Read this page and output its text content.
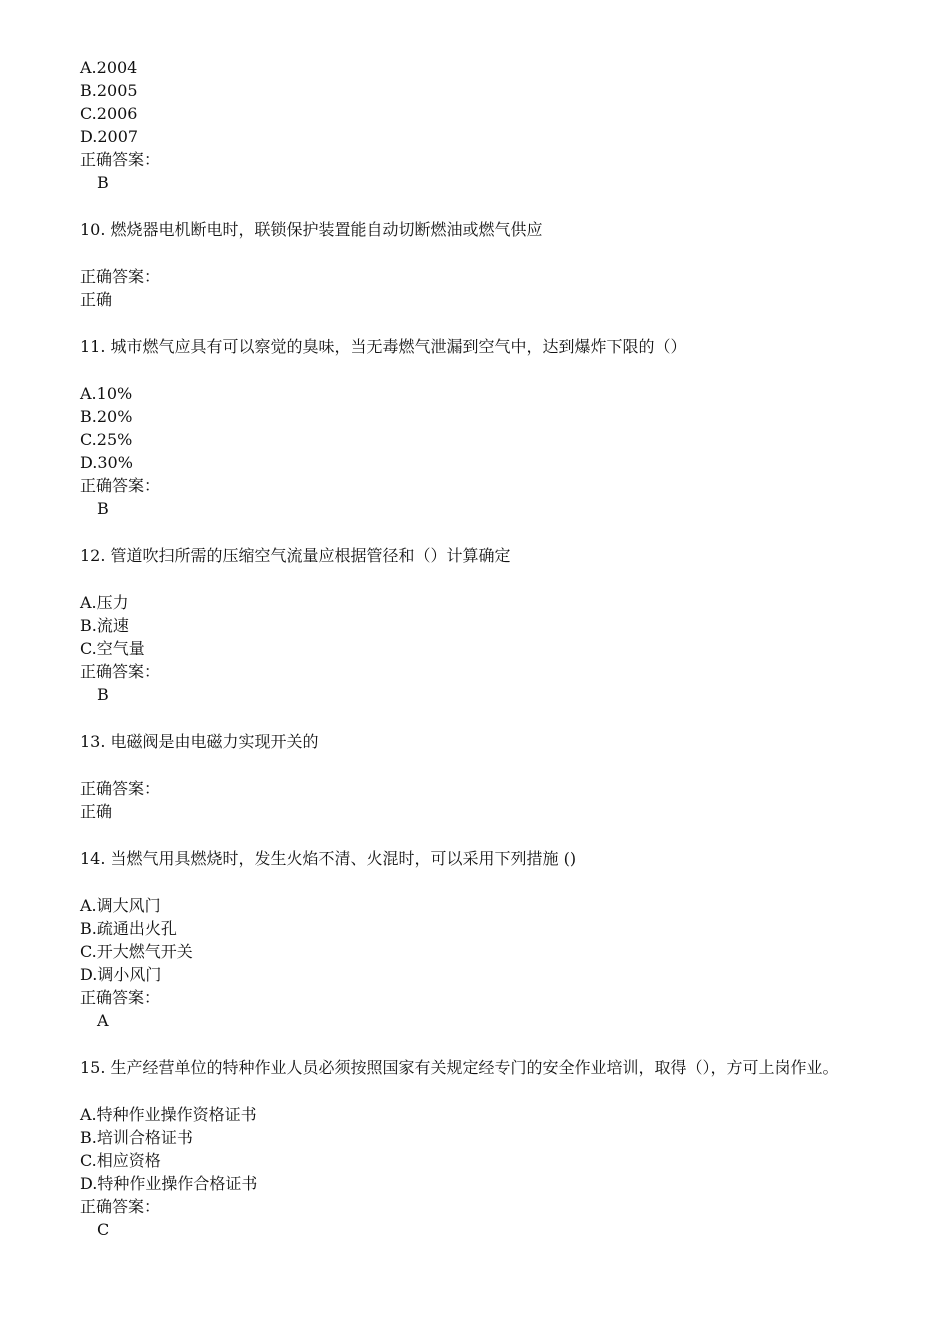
A.2004
B.2005
C.2006
D.2007
正确答案：
B
10. 燃烧器电机断电时，联锁保护装置能自动切断燃油或燃气供应
正确答案：
正确
11. 城市燃气应具有可以察觉的臭味，当无毒燃气泄漏到空气中，达到爆炸下限的（）
A.10%
B.20%
C.25%
D.30%
正确答案：
B
12. 管道吹扫所需的压缩空气流量应根据管径和（）计算确定
A.压力
B.流速
C.空气量
正确答案：
B
13. 电磁阀是由电磁力实现开关的
正确答案：
正确
14. 当燃气用具燃烧时，发生火焰不清、火混时，可以采用下列措施 ()
A.调大风门
B.疏通出火孔
C.开大燃气开关
D.调小风门
正确答案：
A
15. 生产经营单位的特种作业人员必须按照国家有关规定经专门的安全作业培训，取得（），方可上岗作业。
A.特种作业操作资格证书
B.培训合格证书
C.相应资格
D.特种作业操作合格证书
正确答案：
C
